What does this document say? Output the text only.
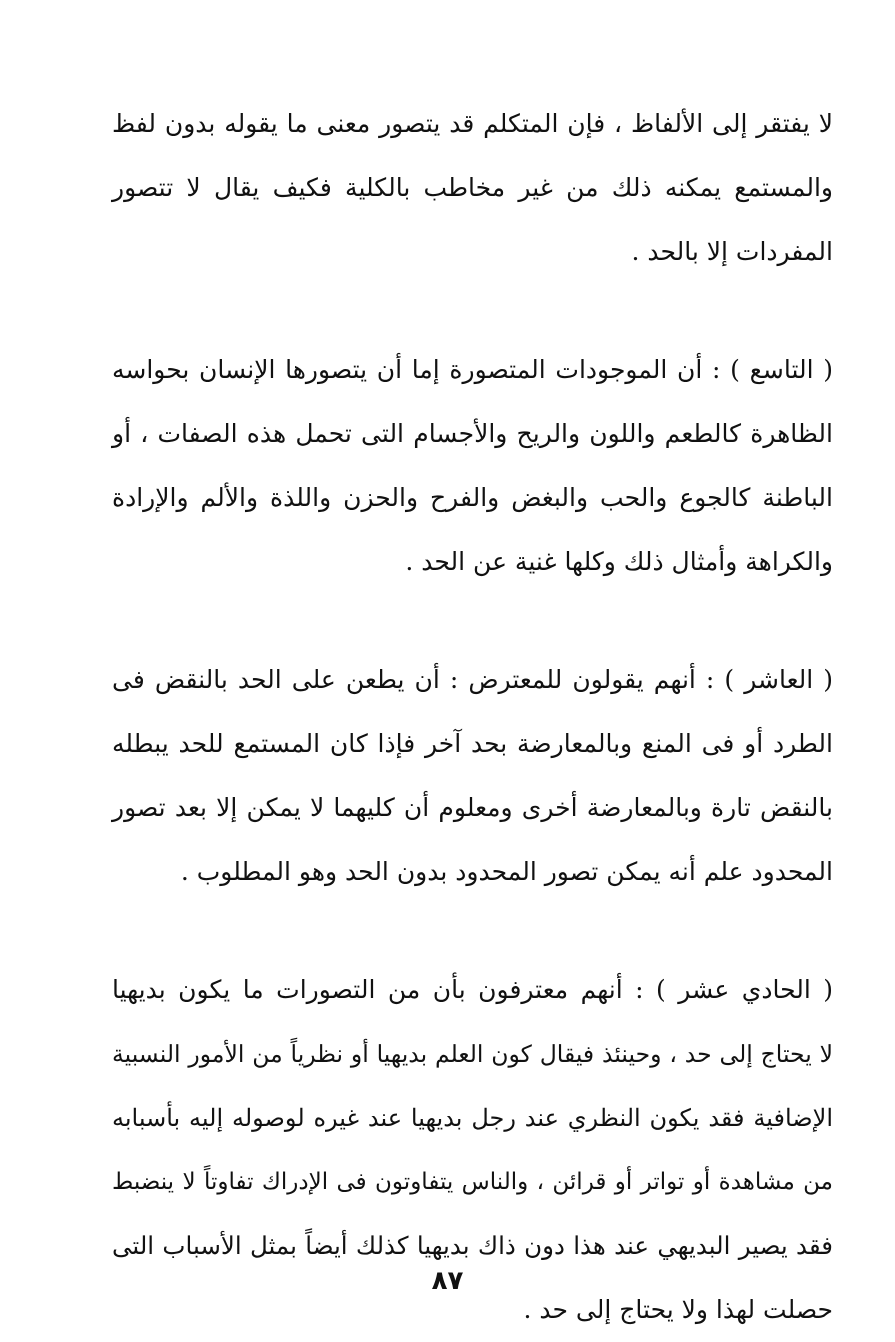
لا يفتقر إلى الألفاظ ، فإن المتكلم قد يتصور معنى ما يقوله بدون لفظ
والمستمع يمكنه ذلك من غير مخاطب بالكلية فكيف يقال لا تتصور
المفردات إلا بالحد .

( التاسع ) : أن الموجودات المتصورة إما أن يتصورها الإنسان بحواسه
الظاهرة كالطعم واللون والريح والأجسام التى تحمل هذه الصفات ، أو
الباطنة كالجوع والحب والبغض والفرح والحزن واللذة والألم والإرادة
والكراهة وأمثال ذلك وكلها غنية عن الحد .

( العاشر ) : أنهم يقولون للمعترض : أن يطعن على الحد بالنقض فى
الطرد أو فى المنع وبالمعارضة بحد آخر فإذا كان المستمع للحد يبطله
بالنقض تارة وبالمعارضة أخرى ومعلوم أن كليهما لا يمكن إلا بعد تصور
المحدود علم أنه يمكن تصور المحدود بدون الحد وهو المطلوب .

( الحادي عشر ) : أنهم معترفون بأن من التصورات ما يكون بديهيا
لا يحتاج إلى حد ، وحينئذ فيقال كون العلم بديهيا أو نظرياً من الأمور النسبية
الإضافية فقد يكون النظري عند رجل بديهيا عند غيره لوصوله إليه بأسبابه
من مشاهدة أو تواتر أو قرائن ، والناس يتفاوتون فى الإدراك تفاوتاً لا ينضبط
فقد يصير البديهي عند هذا دون ذاك بديهيا كذلك أيضاً بمثل الأسباب التى
حصلت لهذا ولا يحتاج إلى حد .

٨٧
